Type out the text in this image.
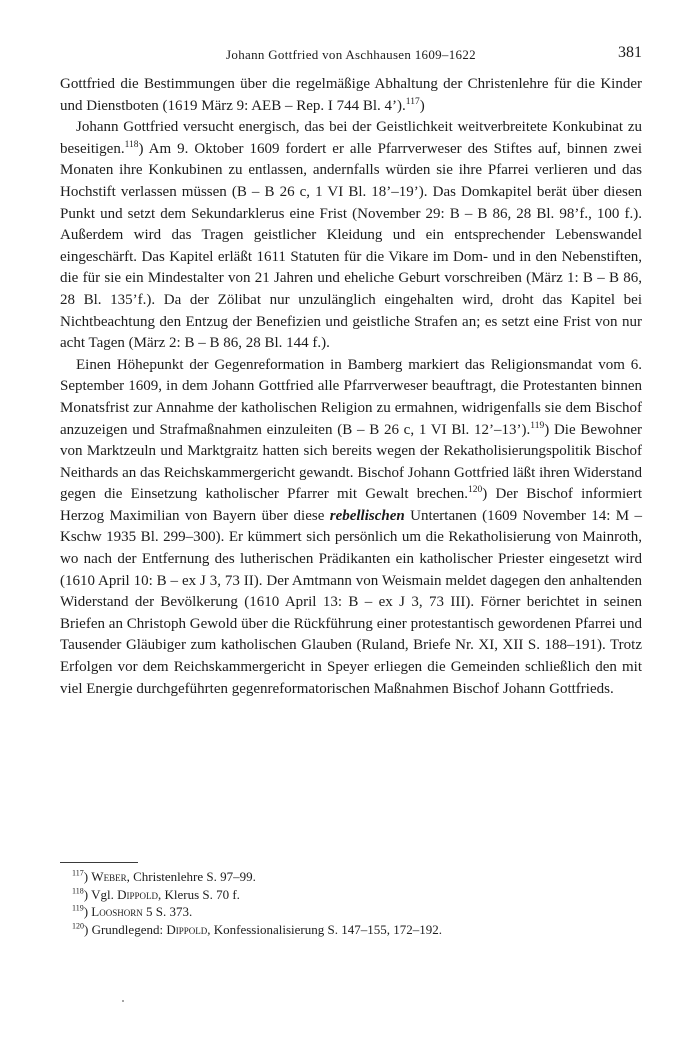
Johann Gottfried von Aschhausen 1609–1622	381

Gottfried die Bestimmungen über die regelmäßige Abhaltung der Christenlehre für die Kinder und Dienstboten (1619 März 9: AEB – Rep. I 744 Bl. 4’).$^{117}$)

Johann Gottfried versucht energisch, das bei der Geistlichkeit weitverbreitete Konkubinat zu beseitigen.$^{118}$) Am 9. Oktober 1609 fordert er alle Pfarrverweser des Stiftes auf, binnen zwei Monaten ihre Konkubinen zu entlassen, andernfalls würden sie ihre Pfarrei verlieren und das Hochstift verlassen müssen (B – B 26 c, 1 VI Bl. 18’–19’). Das Domkapitel berät über diesen Punkt und setzt dem Sekundarklerus eine Frist (November 29: B – B 86, 28 Bl. 98’f., 100 f.). Außerdem wird das Tragen geistlicher Kleidung und ein entsprechender Lebenswandel eingeschärft. Das Kapitel erläßt 1611 Statuten für die Vikare im Dom- und in den Nebenstiften, die für sie ein Mindestalter von 21 Jahren und eheliche Geburt vorschreiben (März 1: B – B 86, 28 Bl. 135’f.). Da der Zölibat nur unzulänglich eingehalten wird, droht das Kapitel bei Nichtbeachtung den Entzug der Benefizien und geistliche Strafen an; es setzt eine Frist von nur acht Tagen (März 2: B – B 86, 28 Bl. 144 f.).

Einen Höhepunkt der Gegenreformation in Bamberg markiert das Religionsmandat vom 6. September 1609, in dem Johann Gottfried alle Pfarrverweser beauftragt, die Protestanten binnen Monatsfrist zur Annahme der katholischen Religion zu ermahnen, widrigenfalls sie dem Bischof anzuzeigen und Strafmaßnahmen einzuleiten (B – B 26 c, 1 VI Bl. 12’–13’).$^{119}$) Die Bewohner von Marktzeuln und Marktgraitz hatten sich bereits wegen der Rekatholisierungspolitik Bischof Neithards an das Reichskammergericht gewandt. Bischof Johann Gottfried läßt ihren Widerstand gegen die Einsetzung katholischer Pfarrer mit Gewalt brechen.$^{120}$) Der Bischof informiert Herzog Maximilian von Bayern über diese rebellischen Untertanen (1609 November 14: M – Kschw 1935 Bl. 299–300). Er kümmert sich persönlich um die Rekatholisierung von Mainroth, wo nach der Entfernung des lutherischen Prädikanten ein katholischer Priester eingesetzt wird (1610 April 10: B – ex J 3, 73 II). Der Amtmann von Weismain meldet dagegen den anhaltenden Widerstand der Bevölkerung (1610 April 13: B – ex J 3, 73 III). Förner berichtet in seinen Briefen an Christoph Gewold über die Rückführung einer protestantisch gewordenen Pfarrei und Tausender Gläubiger zum katholischen Glauben (Ruland, Briefe Nr. XI, XII S. 188–191). Trotz Erfolgen vor dem Reichskammergericht in Speyer erliegen die Gemeinden schließlich den mit viel Energie durchgeführten gegenreformatorischen Maßnahmen Bischof Johann Gottfrieds.

$^{117}$) Weber, Christenlehre S. 97–99.

$^{118}$) Vgl. Dippold, Klerus S. 70 f.

$^{119}$) Looshorn 5 S. 373.

$^{120}$) Grundlegend: Dippold, Konfessionalisierung S. 147–155, 172–192.
